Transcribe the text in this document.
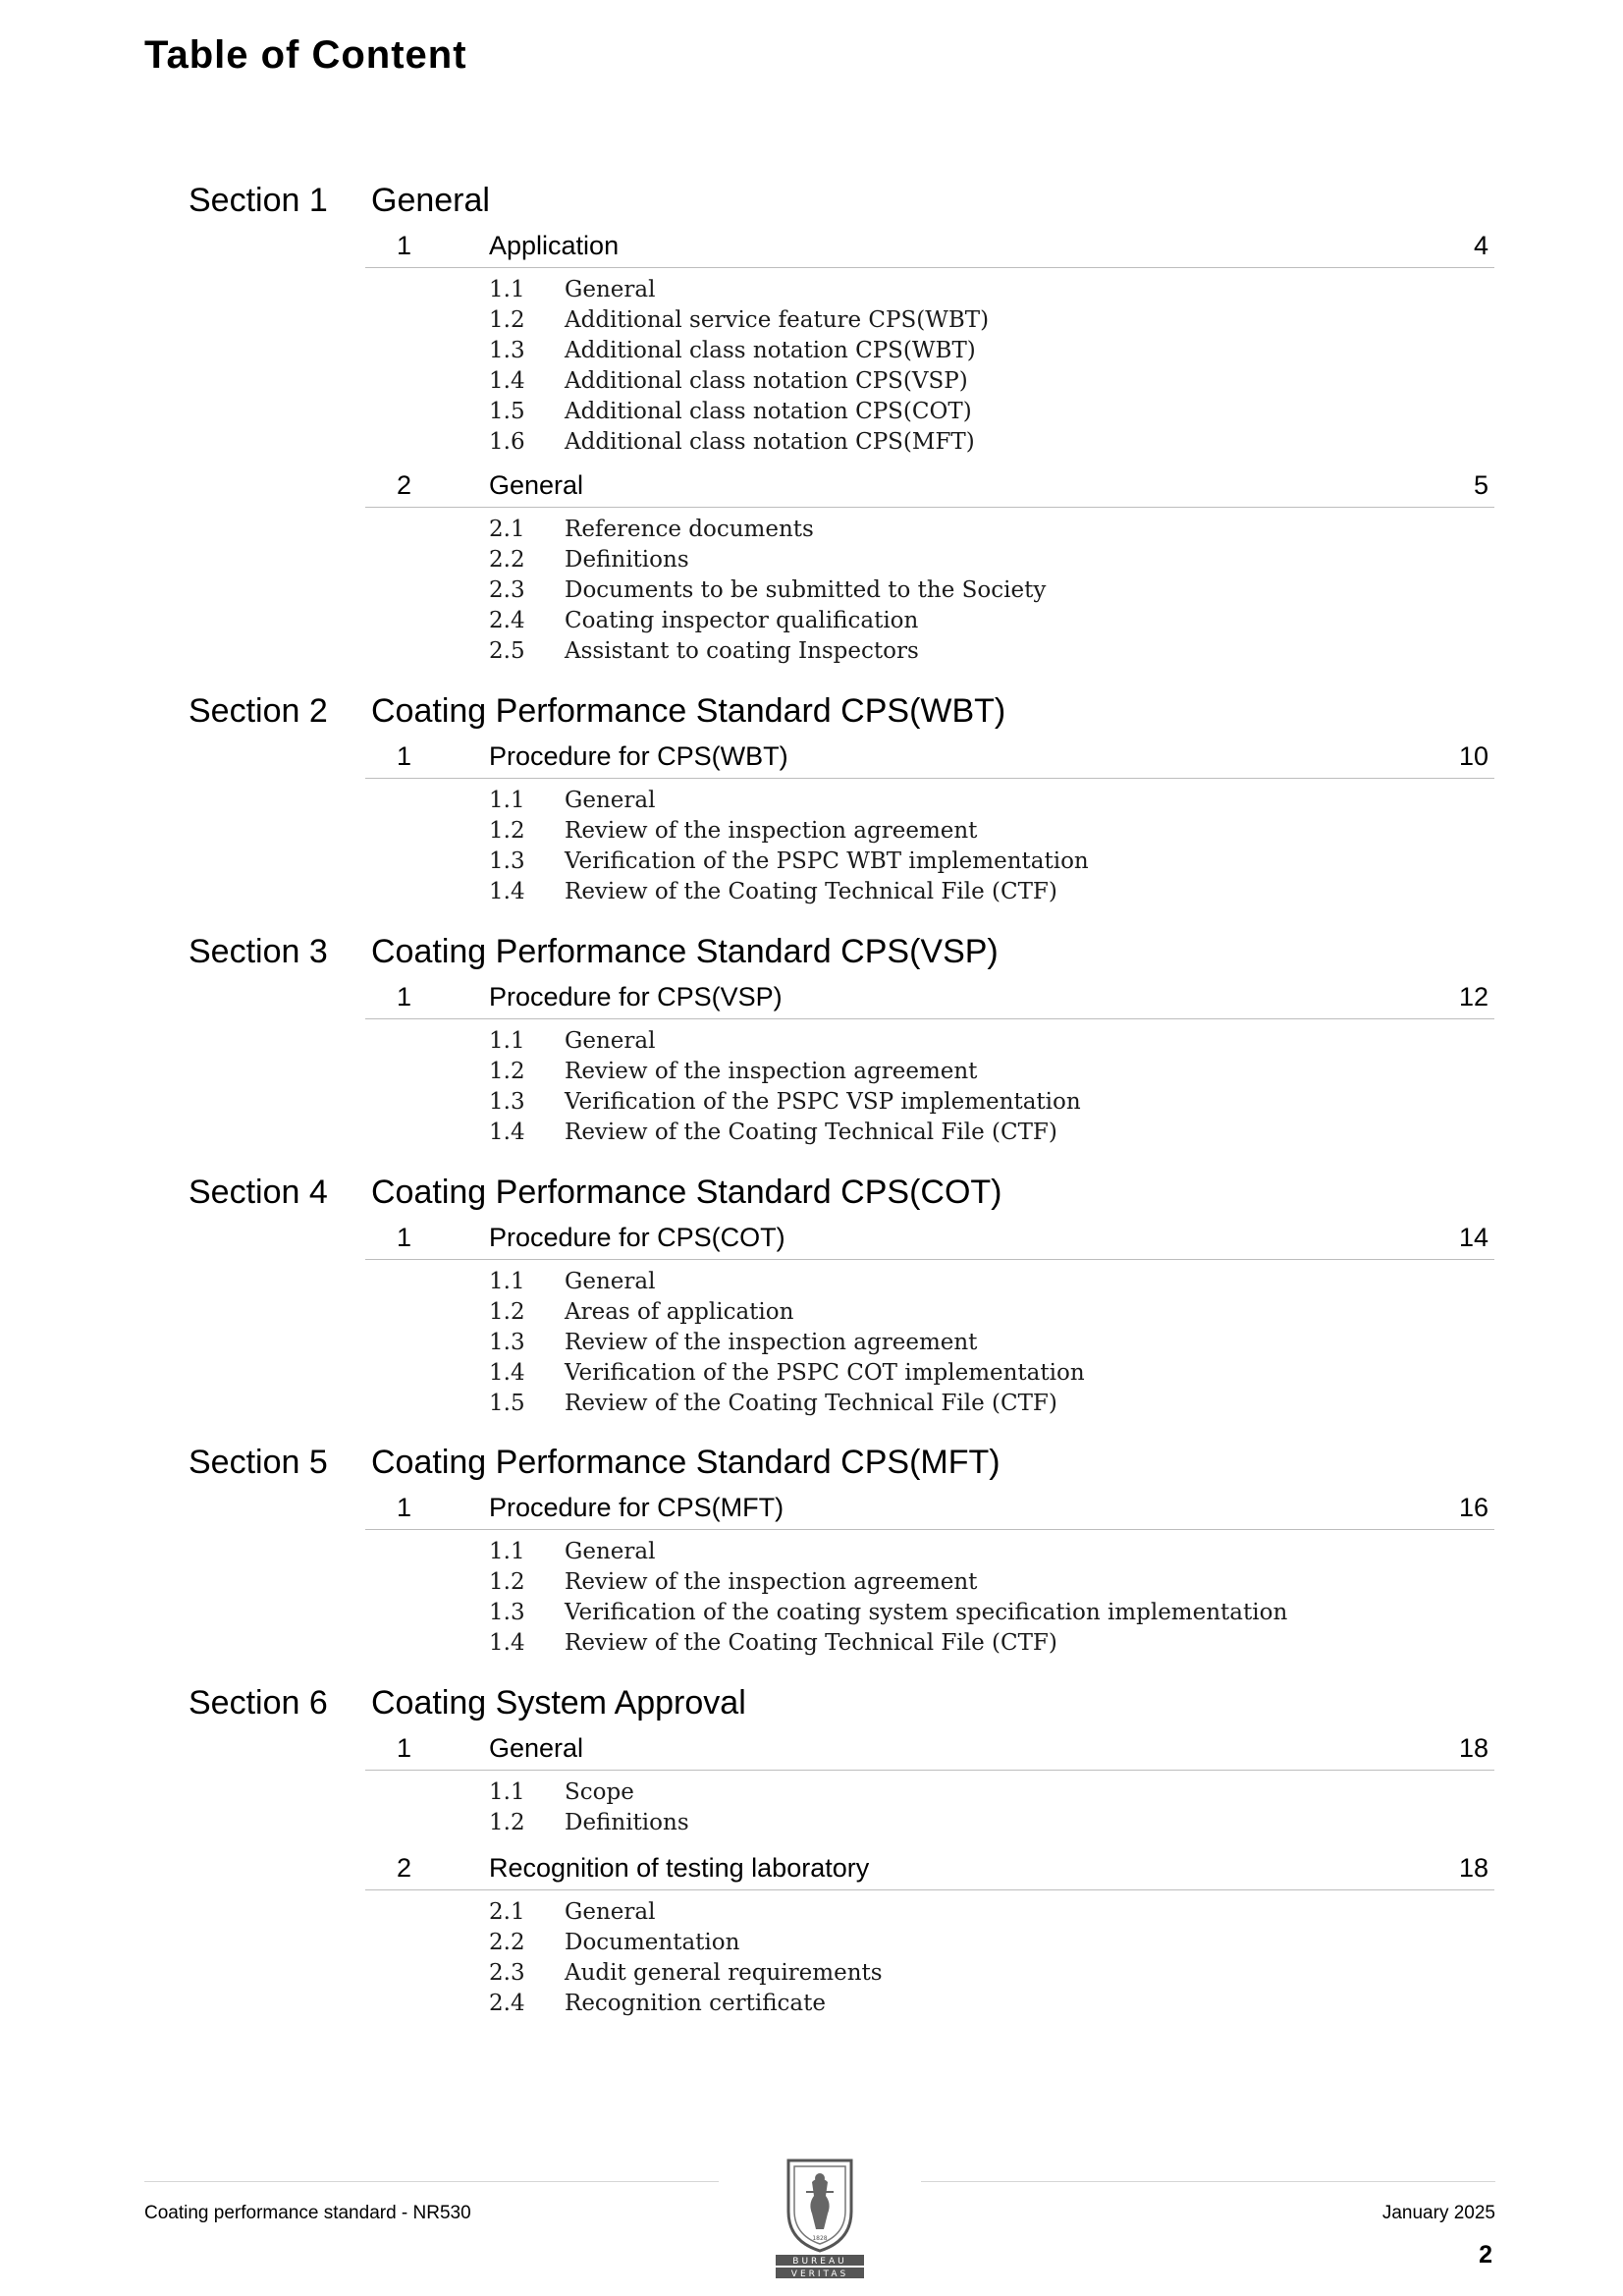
Table of Content
Section 1 General
1	Application	4
1.1 General
1.2 Additional service feature CPS(WBT)
1.3 Additional class notation CPS(WBT)
1.4 Additional class notation CPS(VSP)
1.5 Additional class notation CPS(COT)
1.6 Additional class notation CPS(MFT)
2	General	5
2.1 Reference documents
2.2 Definitions
2.3 Documents to be submitted to the Society
2.4 Coating inspector qualification
2.5 Assistant to coating Inspectors
Section 2 Coating Performance Standard CPS(WBT)
1	Procedure for CPS(WBT)	10
1.1 General
1.2 Review of the inspection agreement
1.3 Verification of the PSPC WBT implementation
1.4 Review of the Coating Technical File (CTF)
Section 3 Coating Performance Standard CPS(VSP)
1	Procedure for CPS(VSP)	12
1.1 General
1.2 Review of the inspection agreement
1.3 Verification of the PSPC VSP implementation
1.4 Review of the Coating Technical File (CTF)
Section 4 Coating Performance Standard CPS(COT)
1	Procedure for CPS(COT)	14
1.1 General
1.2 Areas of application
1.3 Review of the inspection agreement
1.4 Verification of the PSPC COT implementation
1.5 Review of the Coating Technical File (CTF)
Section 5 Coating Performance Standard CPS(MFT)
1	Procedure for CPS(MFT)	16
1.1 General
1.2 Review of the inspection agreement
1.3 Verification of the coating system specification implementation
1.4 Review of the Coating Technical File (CTF)
Section 6 Coating System Approval
1	General	18
1.1 Scope
1.2 Definitions
2	Recognition of testing laboratory	18
2.1 General
2.2 Documentation
2.3 Audit general requirements
2.4 Recognition certificate
Coating performance standard - NR530	January 2025
BUREAU
VERITAS
1828
2
